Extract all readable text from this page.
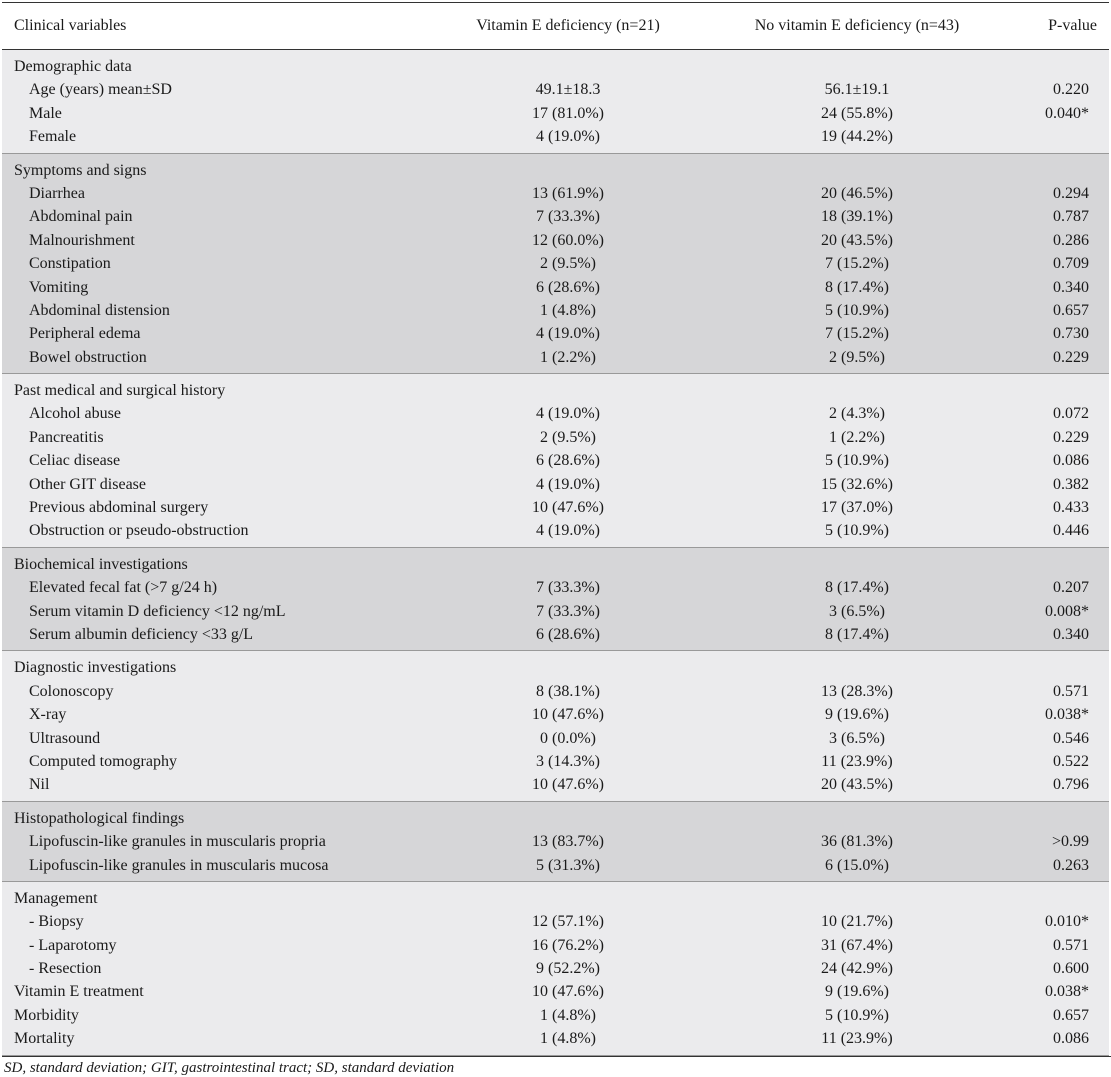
Clinical variables	Vitamin E deficiency (n=21)	No vitamin E deficiency (n=43)	P-value
Demographic data
Age (years) mean±SD	49.1±18.3	56.1±19.1	0.220
Male	17 (81.0%)	24 (55.8%)	0.040*
Female	4 (19.0%)	19 (44.2%)
Symptoms and signs
Diarrhea	13 (61.9%)	20 (46.5%)	0.294
Abdominal pain	7 (33.3%)	18 (39.1%)	0.787
Malnourishment	12 (60.0%)	20 (43.5%)	0.286
Constipation	2 (9.5%)	7 (15.2%)	0.709
Vomiting	6 (28.6%)	8 (17.4%)	0.340
Abdominal distension	1 (4.8%)	5 (10.9%)	0.657
Peripheral edema	4 (19.0%)	7 (15.2%)	0.730
Bowel obstruction	1 (2.2%)	2 (9.5%)	0.229
Past medical and surgical history
Alcohol abuse	4 (19.0%)	2 (4.3%)	0.072
Pancreatitis	2 (9.5%)	1 (2.2%)	0.229
Celiac disease	6 (28.6%)	5 (10.9%)	0.086
Other GIT disease	4 (19.0%)	15 (32.6%)	0.382
Previous abdominal surgery	10 (47.6%)	17 (37.0%)	0.433
Obstruction or pseudo-obstruction	4 (19.0%)	5 (10.9%)	0.446
Biochemical investigations
Elevated fecal fat (>7 g/24 h)	7 (33.3%)	8 (17.4%)	0.207
Serum vitamin D deficiency <12 ng/mL	7 (33.3%)	3 (6.5%)	0.008*
Serum albumin deficiency <33 g/L	6 (28.6%)	8 (17.4%)	0.340
Diagnostic investigations
Colonoscopy	8 (38.1%)	13 (28.3%)	0.571
X-ray	10 (47.6%)	9 (19.6%)	0.038*
Ultrasound	0 (0.0%)	3 (6.5%)	0.546
Computed tomography	3 (14.3%)	11 (23.9%)	0.522
Nil	10 (47.6%)	20 (43.5%)	0.796
Histopathological findings
Lipofuscin-like granules in muscularis propria	13 (83.7%)	36 (81.3%)	>0.99
Lipofuscin-like granules in muscularis mucosa	5 (31.3%)	6 (15.0%)	0.263
Management
- Biopsy	12 (57.1%)	10 (21.7%)	0.010*
- Laparotomy	16 (76.2%)	31 (67.4%)	0.571
- Resection	9 (52.2%)	24 (42.9%)	0.600
Vitamin E treatment	10 (47.6%)	9 (19.6%)	0.038*
Morbidity	1 (4.8%)	5 (10.9%)	0.657
Mortality	1 (4.8%)	11 (23.9%)	0.086
SD, standard deviation; GIT, gastrointestinal tract; SD, standard deviation
